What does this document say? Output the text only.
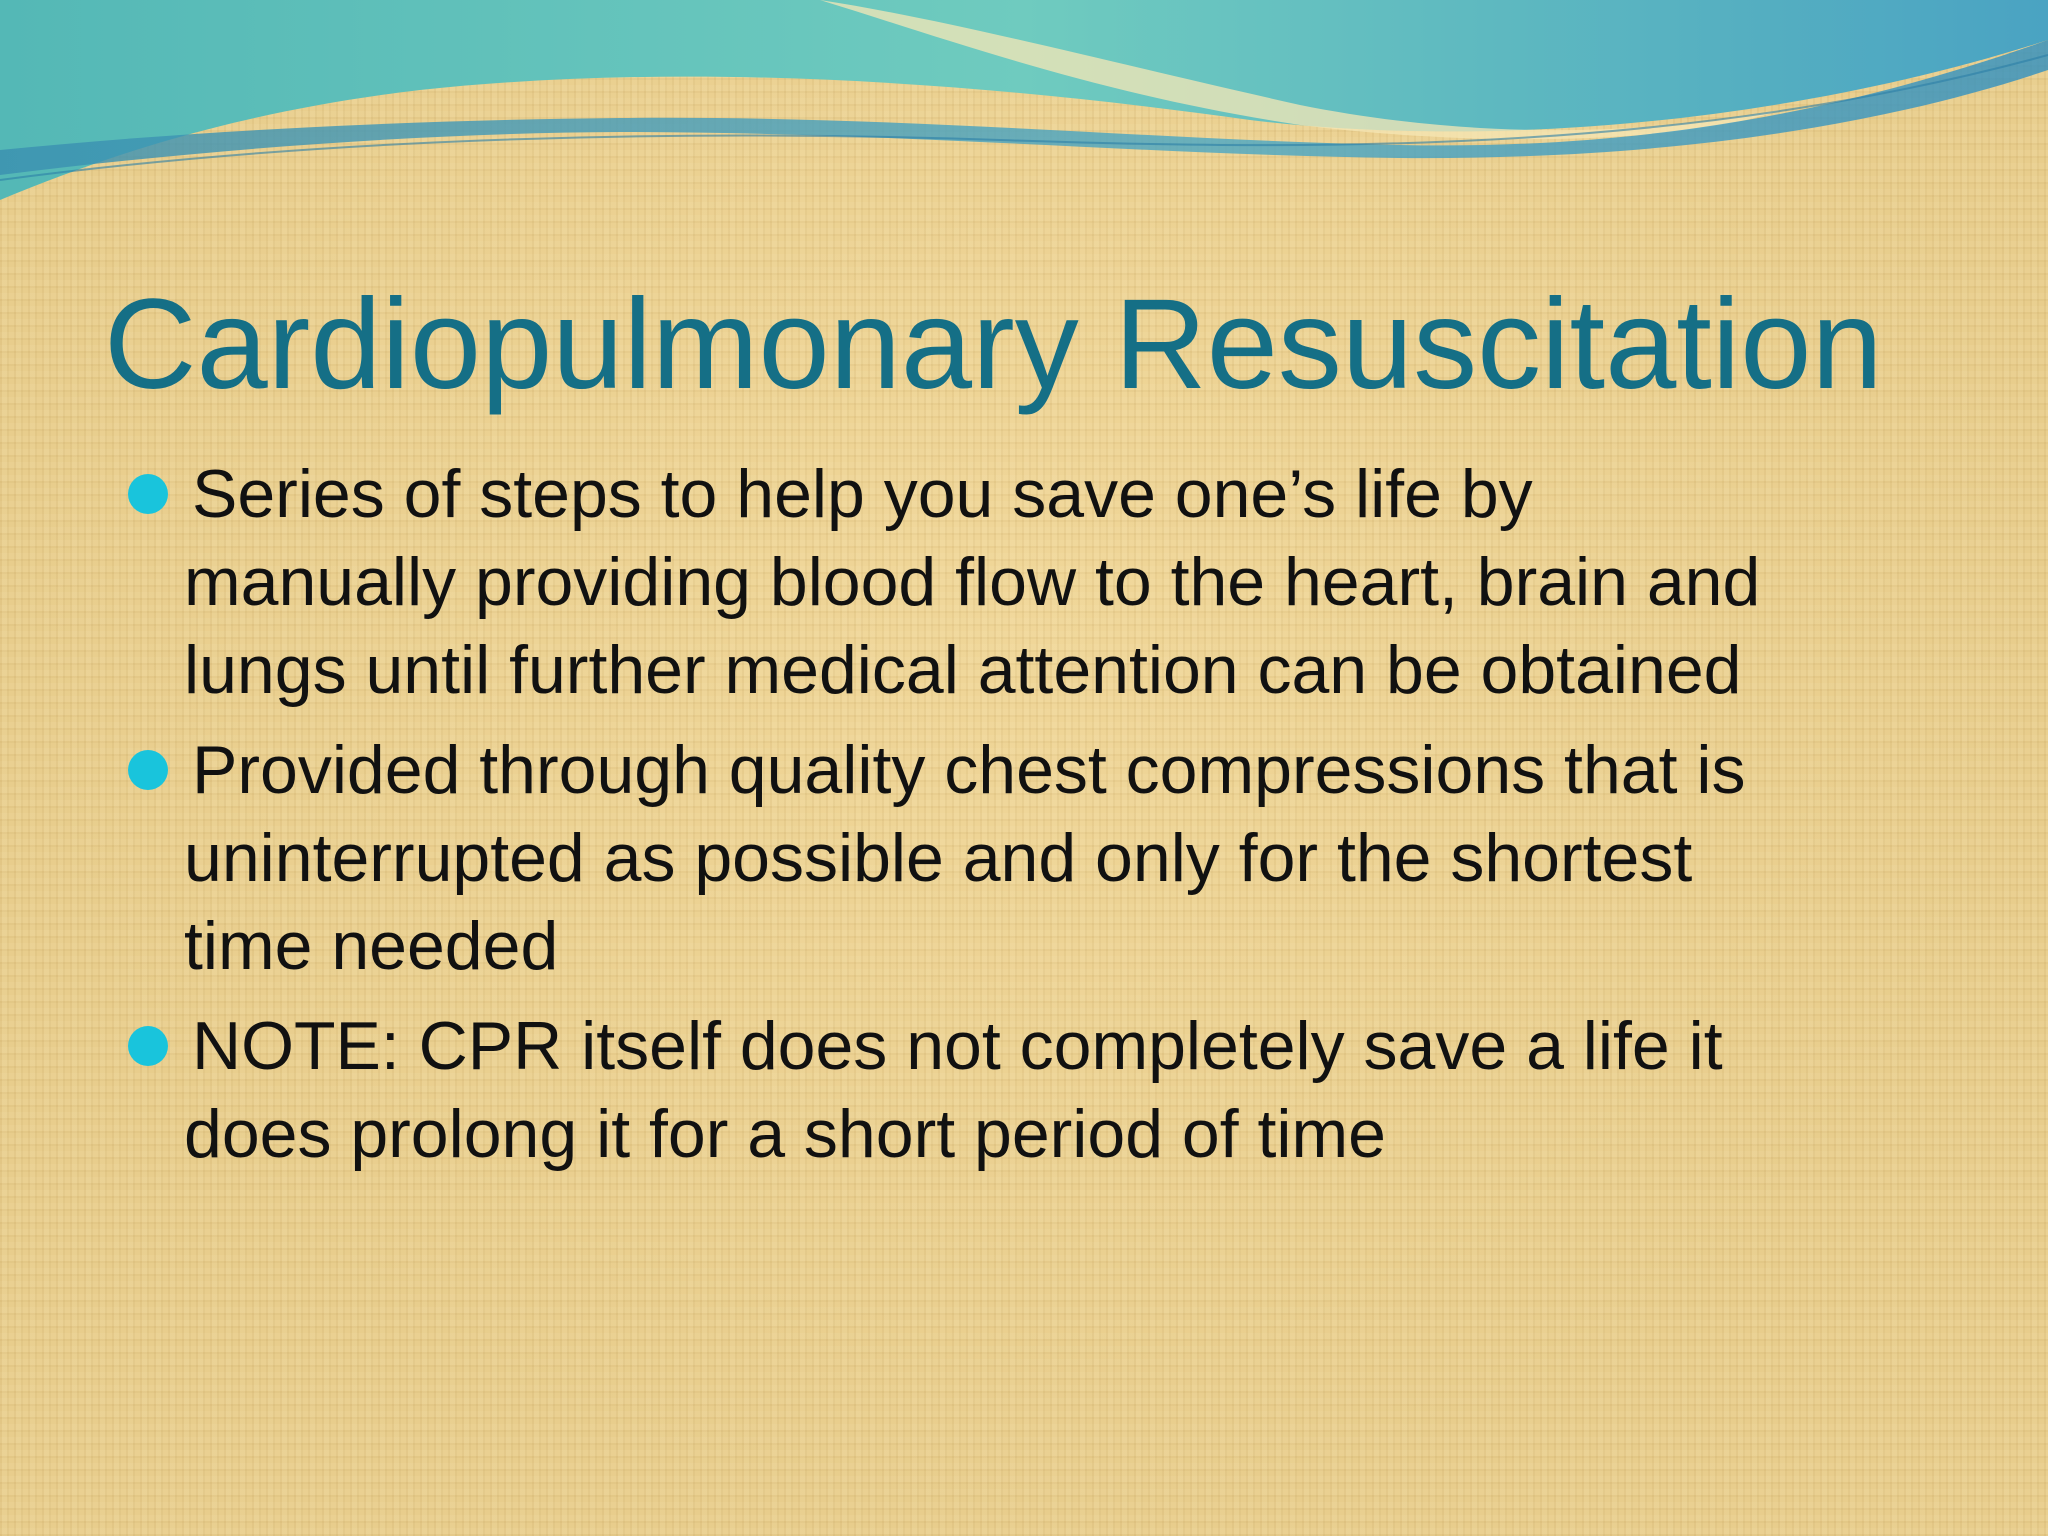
Cardiopulmonary Resuscitation
Series of steps to help you save one’s life by
manually providing blood flow to the heart, brain and
lungs until further medical attention can be obtained
Provided through quality chest compressions that is
uninterrupted as possible and only for the shortest
time needed
NOTE: CPR itself does not completely save a life it
does prolong it for a short period of time
